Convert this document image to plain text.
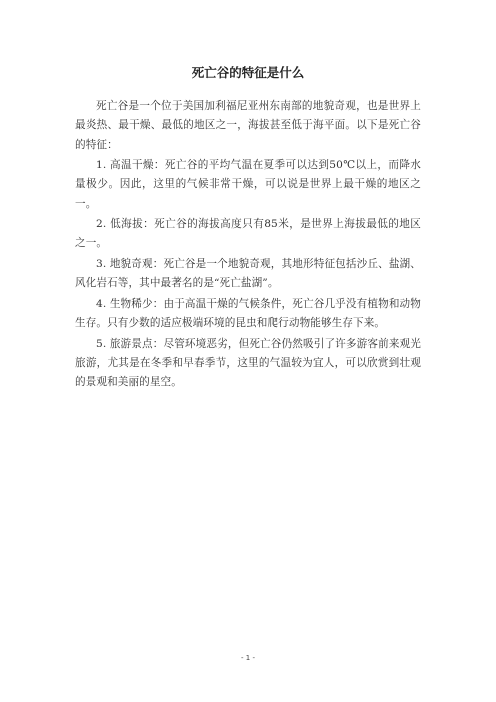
死亡谷的特征是什么

死亡谷是一个位于美国加利福尼亚州东南部的地貌奇观，也是世界上最炎热、最干燥、最低的地区之一，海拔甚至低于海平面。以下是死亡谷的特征：

1. 高温干燥：死亡谷的平均气温在夏季可以达到50℃以上，而降水量极少。因此，这里的气候非常干燥，可以说是世界上最干燥的地区之一。

2. 低海拔：死亡谷的海拔高度只有85米，是世界上海拔最低的地区之一。

3. 地貌奇观：死亡谷是一个地貌奇观，其地形特征包括沙丘、盐湖、风化岩石等，其中最著名的是“死亡盐湖”。

4. 生物稀少：由于高温干燥的气候条件，死亡谷几乎没有植物和动物生存。只有少数的适应极端环境的昆虫和爬行动物能够生存下来。

5. 旅游景点：尽管环境恶劣，但死亡谷仍然吸引了许多游客前来观光旅游，尤其是在冬季和早春季节，这里的气温较为宜人，可以欣赏到壮观的景观和美丽的星空。

- 1 -
